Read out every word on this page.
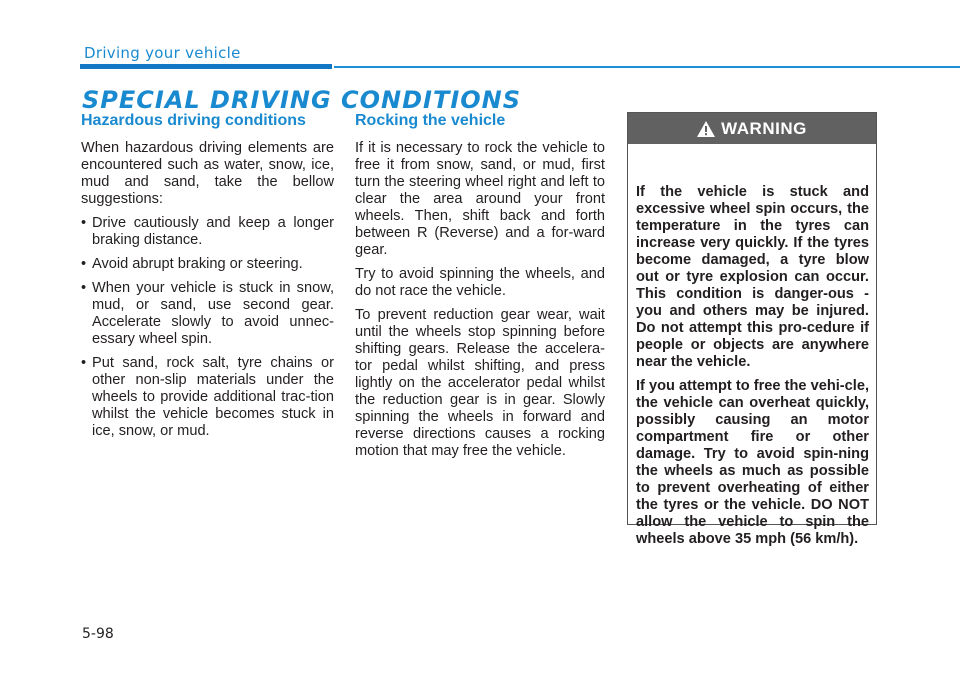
Driving your vehicle
SPECIAL DRIVING CONDITIONS
Hazardous driving conditions

When hazardous driving elements are encountered such as water, snow, ice, mud and sand, take the bellow suggestions:

• Drive cautiously and keep a longer braking distance.
• Avoid abrupt braking or steering.
• When your vehicle is stuck in snow, mud, or sand, use second gear. Accelerate slowly to avoid unnec-essary wheel spin.
• Put sand, rock salt, tyre chains or other non-slip materials under the wheels to provide additional trac-tion whilst the vehicle becomes stuck in ice, snow, or mud.
Rocking the vehicle

If it is necessary to rock the vehicle to free it from snow, sand, or mud, first turn the steering wheel right and left to clear the area around your front wheels. Then, shift back and forth between R (Reverse) and a for-ward gear.

Try to avoid spinning the wheels, and do not race the vehicle.

To prevent reduction gear wear, wait until the wheels stop spinning before shifting gears. Release the accelera-tor pedal whilst shifting, and press lightly on the accelerator pedal whilst the reduction gear is in gear. Slowly spinning the wheels in forward and reverse directions causes a rocking motion that may free the vehicle.

WARNING

If the vehicle is stuck and excessive wheel spin occurs, the temperature in the tyres can increase very quickly. If the tyres become damaged, a tyre blow out or tyre explosion can occur. This condition is danger-ous - you and others may be injured. Do not attempt this pro-cedure if people or objects are anywhere near the vehicle.

If you attempt to free the vehi-cle, the vehicle can overheat quickly, possibly causing an motor compartment fire or other damage. Try to avoid spin-ning the wheels as much as possible to prevent overheating of either the tyres or the vehicle. DO NOT allow the vehicle to spin the wheels above 35 mph (56 km/h).

5-98
